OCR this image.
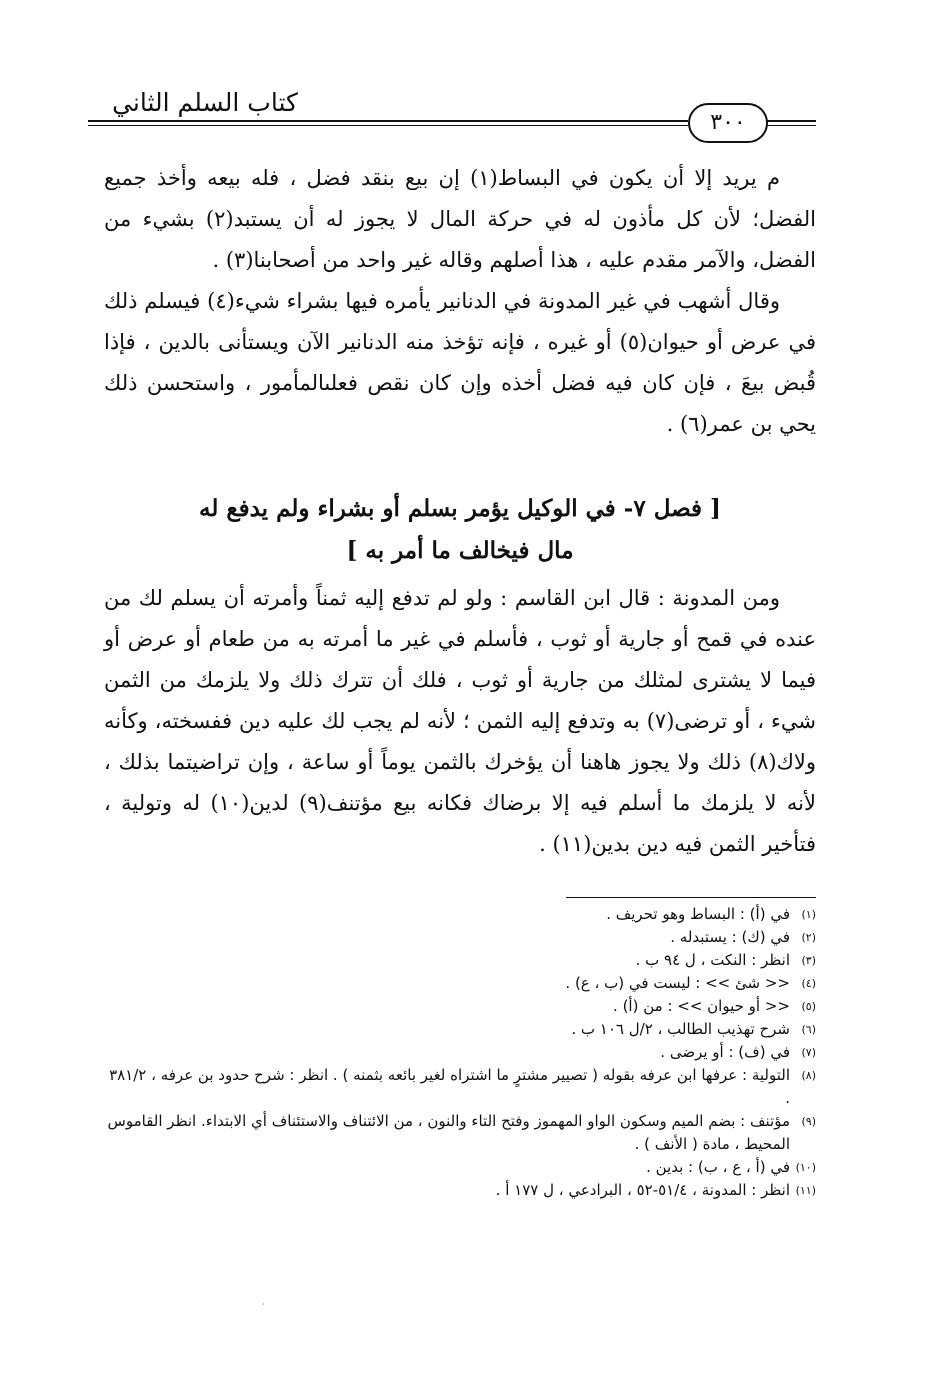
كتاب السلم الثاني
٣٠٠

م يريد إلا أن يكون في البساط(١) إن بيع بنقد فضل ، فله بيعه وأخذ جميع الفضل؛ لأن كل مأذون له في حركة المال لا يجوز له أن يستبد(٢) بشيء من الفضل، والآمر مقدم عليه ، هذا أصلهم وقاله غير واحد من أصحابنا(٣) .

وقال أشهب في غير المدونة في الدنانير يأمره فيها بشراء شيء(٤) فيسلم ذلك في عرض أو حيوان(٥) أو غيره ، فإنه تؤخذ منه الدنانير الآن ويستأنى بالدين ، فإذا قُبض بيعَ ، فإن كان فيه فضل أخذه وإن كان نقص فعلىالمأمور ، واستحسن ذلك يحي بن عمر(٦) .

[ فصل ٧- في الوكيل يؤمر بسلم أو بشراء ولم يدفع له
مال فيخالف ما أمر به ]

ومن المدونة : قال ابن القاسم : ولو لم تدفع إليه ثمناً وأمرته أن يسلم لك من عنده في قمح أو جارية أو ثوب ، فأسلم في غير ما أمرته به من طعام أو عرض أو فيما لا يشترى لمثلك من جارية أو ثوب ، فلك أن تترك ذلك ولا يلزمك من الثمن شيء ، أو ترضى(٧) به وتدفع إليه الثمن ؛ لأنه لم يجب لك عليه دين ففسخته، وكأنه ولاك(٨) ذلك ولا يجوز هاهنا أن يؤخرك بالثمن يوماً أو ساعة ، وإن تراضيتما بذلك ، لأنه لا يلزمك ما أسلم فيه إلا برضاك فكانه بيع مؤتنف(٩) لدين(١٠) له وتولية ، فتأخير الثمن فيه دين بدين(١١) .

(١)
في (أ) : البساط وهو تحريف .
(٢)
في (ك) : يستبدله .
(٣)
انظر : النكت ، ل ٩٤ ب .
(٤)
<< شئ >> : ليست في (ب ، ع) .
(٥)
<< أو حيوان >> : من (أ) .
(٦)
شرح تهذيب الطالب ، ٢/ل ١٠٦ ب .
(٧)
في (ف) : أو يرضى .
(٨)
التولية : عرفها ابن عرفه بقوله ( تصيير مشترٍ ما اشتراه لغير بائعه بثمنه ) . انظر : شرح حدود بن عرفه ، ٣٨١/٢ .
(٩)
مؤتنف : بضم الميم وسكون الواو المهموز وفتح التاء والنون ، من الائتناف والاستئناف أي الابتداء. انظر القاموس المحيط ، مادة ( الأنف ) .
(١٠)
في (أ ، ع ، ب) : بدين .
(١١)
انظر : المدونة ، ٥١/٤-٥٢ ، البرادعي ، ل ١٧٧ أ .
·
